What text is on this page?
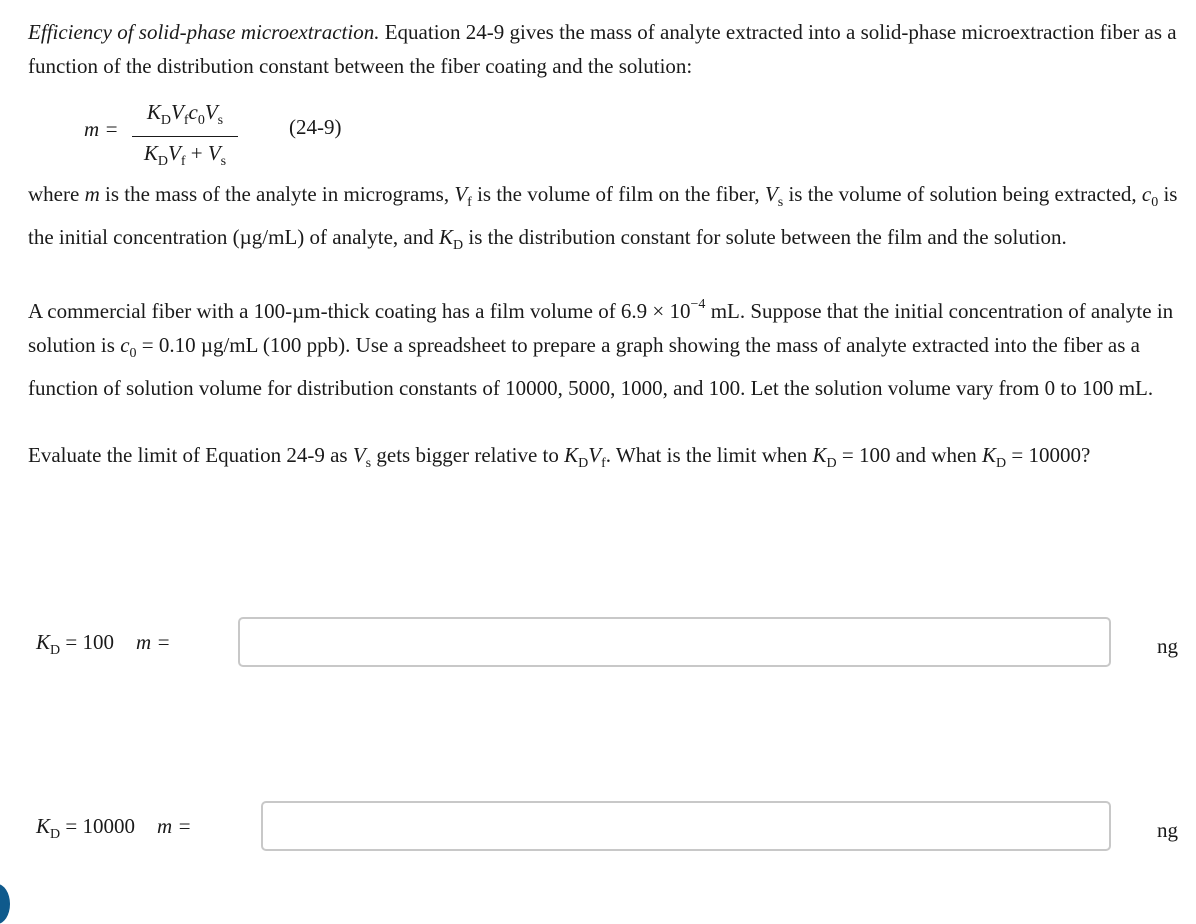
Efficiency of solid-phase microextraction. Equation 24-9 gives the mass of analyte extracted into a solid-phase microextraction fiber as a function of the distribution constant between the fiber coating and the solution:

m =
$K_DV_fc_0V_s$
$K_DV_f + V_s$
(24-9)

where m is the mass of the analyte in micrograms, $V_f$ is the volume of film on the fiber, $V_s$ is the volume of solution being extracted, $c_0$ is the initial concentration (µg/mL) of analyte, and $K_D$ is the distribution constant for solute between the film and the solution.

A commercial fiber with a 100-µm-thick coating has a film volume of $6.9 \times 10^{-4}$ mL. Suppose that the initial concentration of analyte in solution is $c_0 = 0.10$ µg/mL (100 ppb). Use a spreadsheet to prepare a graph showing the mass of analyte extracted into the fiber as a function of solution volume for distribution constants of 10000, 5000, 1000, and 100. Let the solution volume vary from 0 to 100 mL.

Evaluate the limit of Equation 24-9 as $V_s$ gets bigger relative to $K_DV_f$. What is the limit when $K_D = 100$ and when $K_D = 10000$?

$K_D = 100$ m =	ng
$K_D = 10000$ m =	ng
